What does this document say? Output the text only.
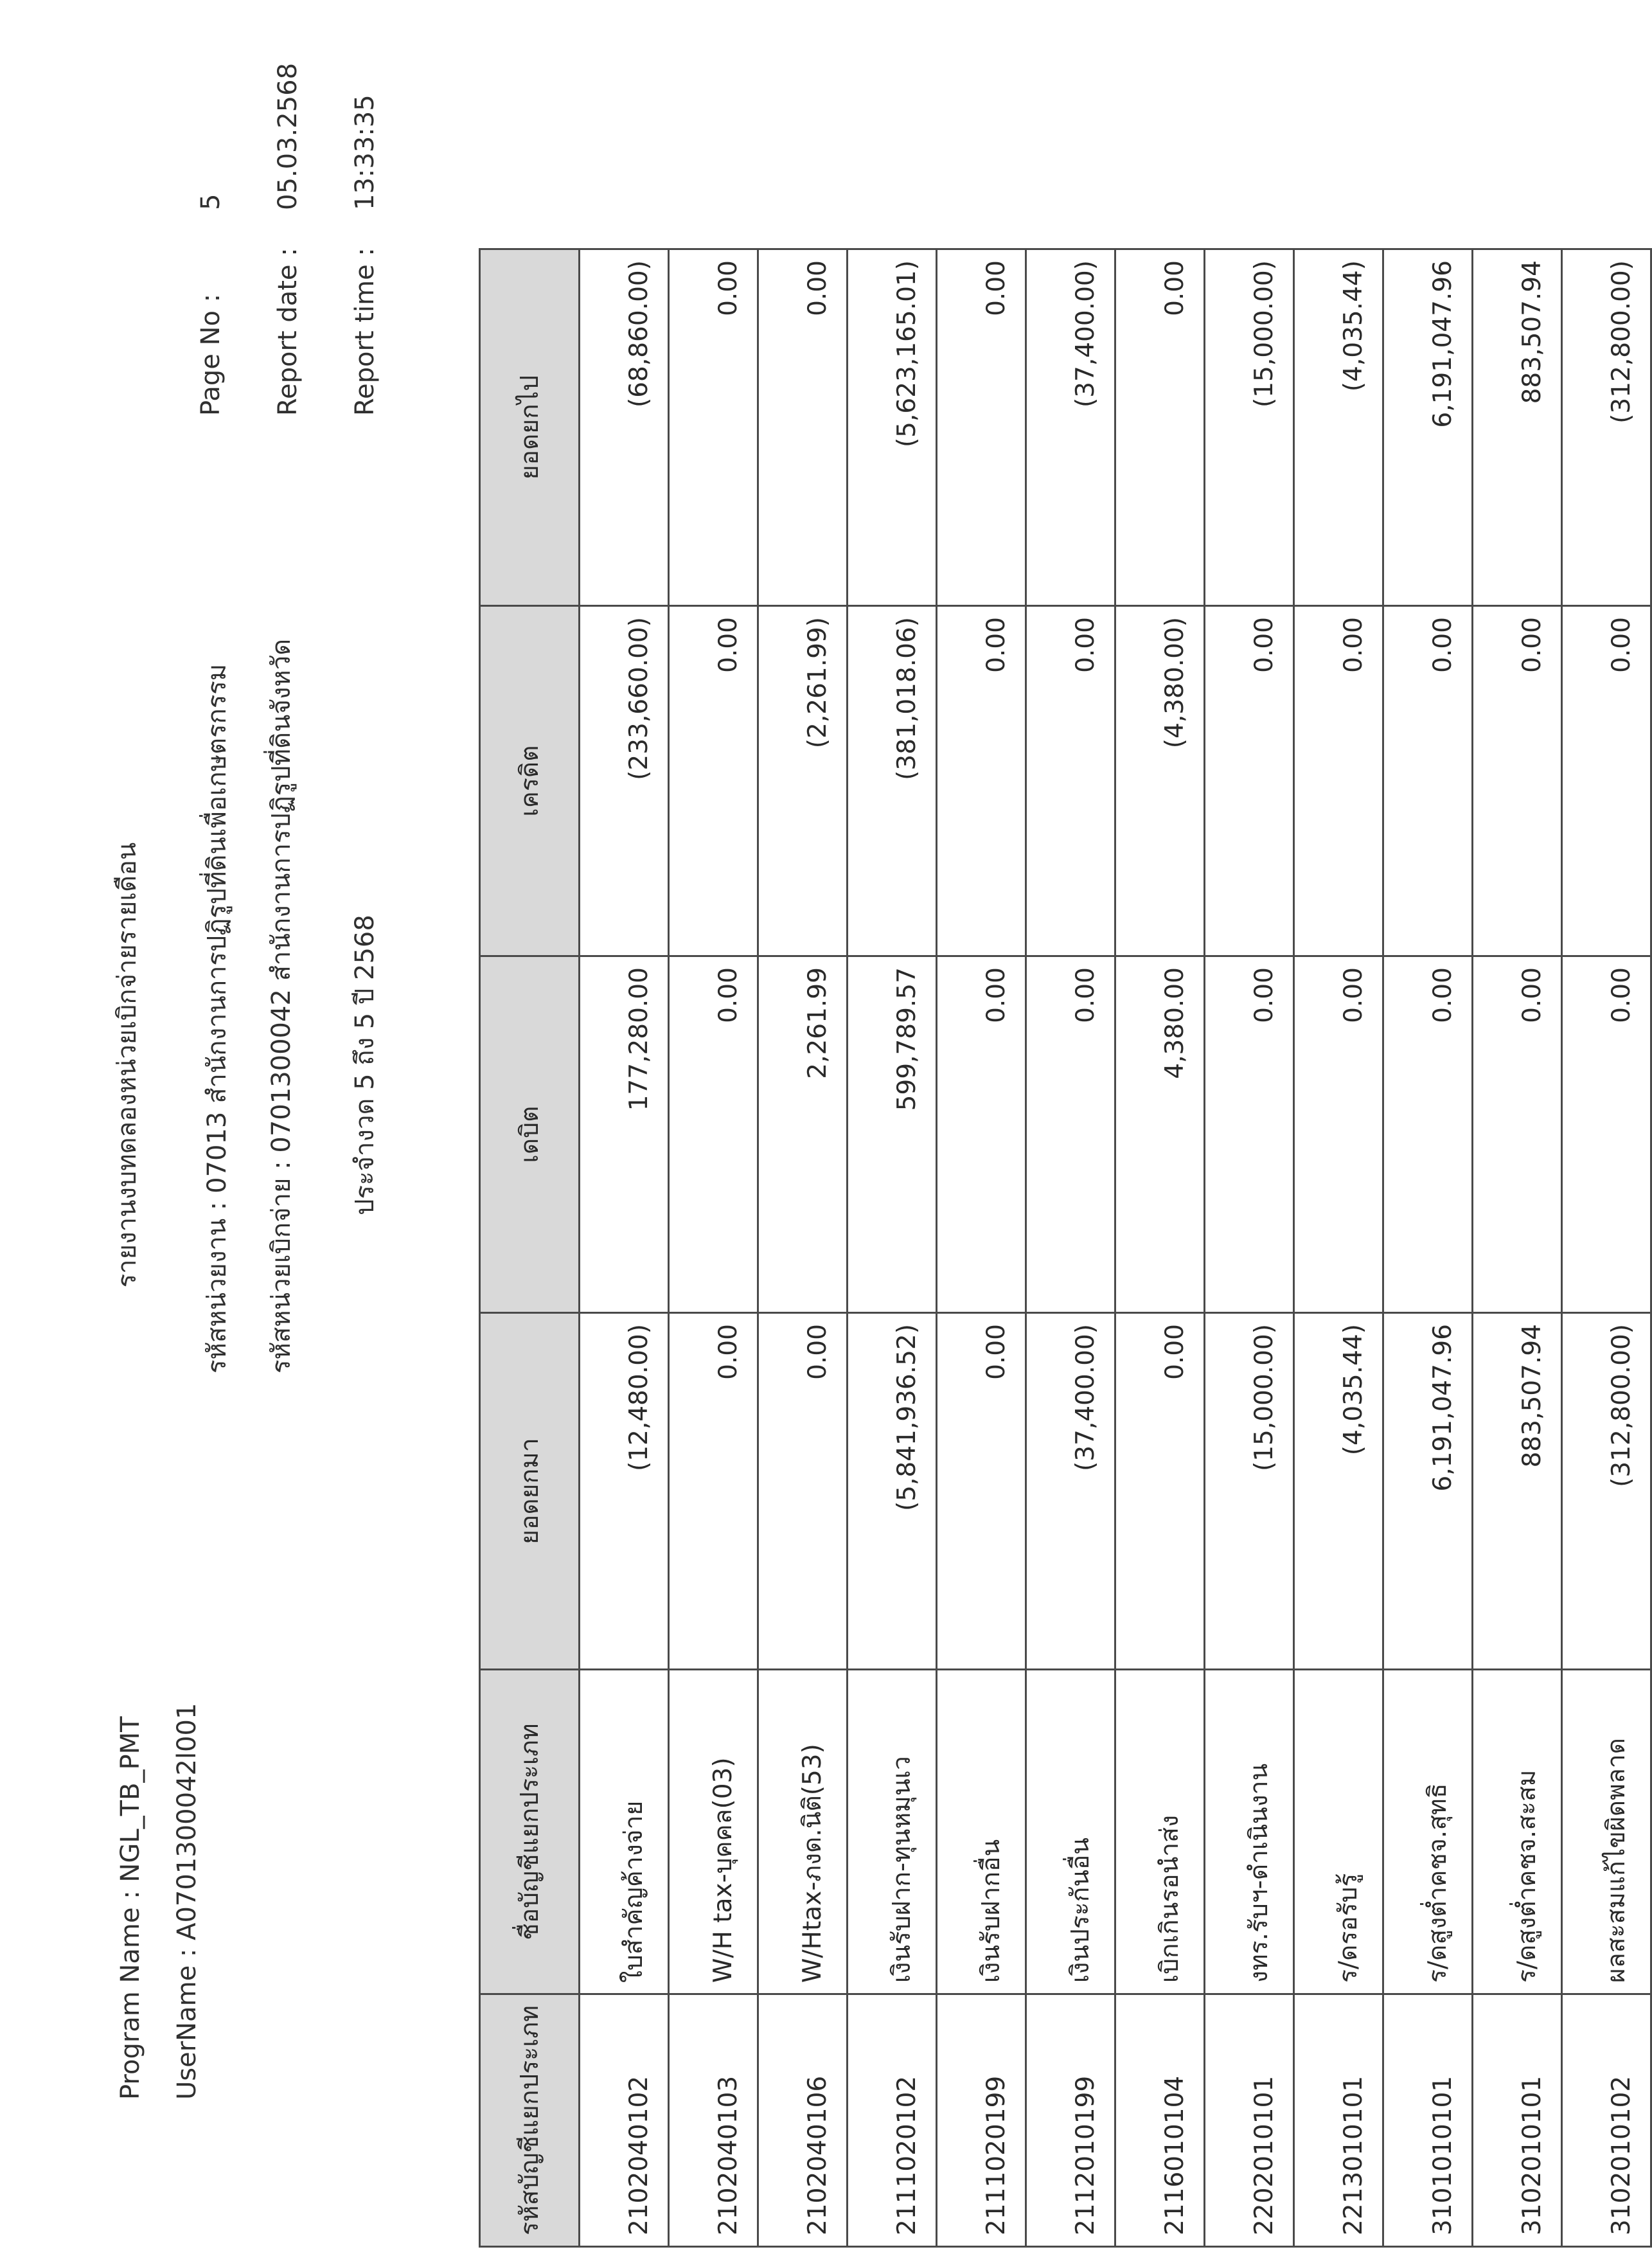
Program Name : NGL_TB_PMT UserName : A0701300042l001
รายงานงบทดลองหน่วยเบิกจ่ายรายเดือน รหัสหน่วยงาน : 07013 สำนักงานการปฏิรูปที่ดินเพื่อเกษตรกรรม รหัสหน่วยเบิกจ่าย : 0701300042 สำนักงานการปฏิรูปที่ดินจังหวัด ประจำงวด 5 ถึง 5 ปี 2568
Page No :
5
Report date :
05.03.2568
Report time :
13:33:35
รหัสบัญชีแยกประเภท	ชื่อบัญชีแยกประเภท	ยอดยกมา	เดบิต	เครดิต	ยอดยกไป
2102040102	ใบสำคัญค้างจ่าย	(12,480.00)	177,280.00	(233,660.00)	(68,860.00)
2102040103	W/H tax-บุคคล(03)	0.00	0.00	0.00	0.00
2102040106	W/Htax-ภงด.นิติ(53)	0.00	2,261.99	(2,261.99)	0.00
2111020102	เงินรับฝาก-ทุนหมุนเว	(5,841,936.52)	599,789.57	(381,018.06)	(5,623,165.01)
2111020199	เงินรับฝากอื่น	0.00	0.00	0.00	0.00
2112010199	เงินประกันอื่น	(37,400.00)	0.00	0.00	(37,400.00)
2116010104	เบิกเกินรอนำส่ง	0.00	4,380.00	(4,380.00)	0.00
2202010101	งทร.รับฯ-ดำเนินงาน	(15,000.00)	0.00	0.00	(15,000.00)
2213010101	ร/ดรอรับรู้	(4,035.44)	0.00	0.00	(4,035.44)
3101010101	ร/ดสูงต่ำคชจ.สุทธิ	6,191,047.96	0.00	0.00	6,191,047.96
3102010101	ร/ดสูงต่ำคชจ.สะสม	883,507.94	0.00	0.00	883,507.94
3102010102	ผลสะสมแก้ไขผิดพลาด	(312,800.00)	0.00	0.00	(312,800.00)
